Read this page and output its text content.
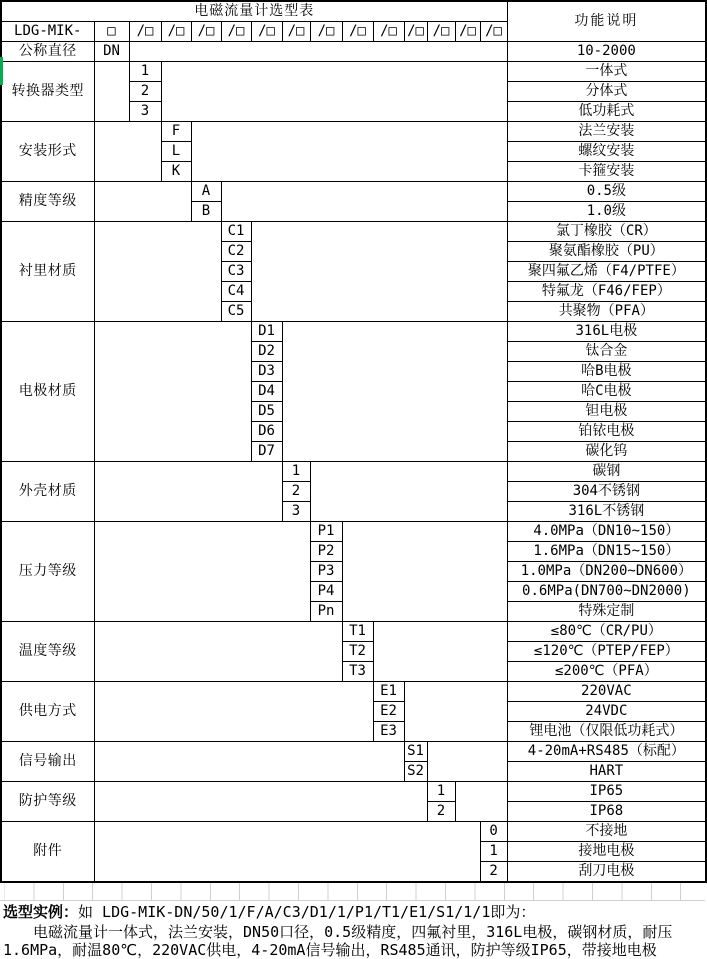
电磁流量计选型表															功能说明
LDG-MIK-	□	/□	/□	/□	/□	/□	/□	/□	/□	/□	/□	/□	/□	/□	
公称直径	DN														10-2000
转换器类型		1													一体式
		2													分体式
		3													低功耗式
安装形式			F												法兰安装
			L												螺纹安装
			K												卡箍安装
精度等级				A											0.5级
				B											1.0级
衬里材质					C1										氯丁橡胶（CR）
					C2										聚氨酯橡胶（PU）
					C3										聚四氟乙烯（F4/PTFE）
					C4										特氟龙（F46/FEP）
					C5										共聚物（PFA）
电极材质						D1									316L电极
						D2									钛合金
						D3									哈B电极
						D4									哈C电极
						D5									钽电极
						D6									铂铱电极
						D7									碳化钨
外壳材质							1								碳钢
							2								304不锈钢
							3								316L不锈钢
压力等级								P1							4.0MPa（DN10~150）
								P2							1.6MPa（DN15~150）
								P3							1.0MPa（DN200~DN600）
								P4							0.6MPa(DN700~DN2000)
								Pn							特殊定制
温度等级									T1						≤80℃（CR/PU）
									T2						≤120℃（PTEP/FEP）
									T3						≤200℃（PFA）
供电方式										E1					220VAC
										E2					24VDC
										E3					锂电池（仅限低功耗式）
信号输出											S1				4-20mA+RS485（标配）
											S2				HART
防护等级												1			IP65
												2			IP68
附件														0	不接地
														1	接地电极
														2	刮刀电极
选型实例：如 LDG-MIK-DN/50/1/F/A/C3/D1/1/P1/T1/E1/S1/1/1即为：

电磁流量计一体式，法兰安装，DN50口径，0.5级精度，四氟衬里，316L电极，碳钢材质，耐压1.6MPa，耐温80℃，220VAC供电，4-20mA信号输出，RS485通讯，防护等级IP65，带接地电极
